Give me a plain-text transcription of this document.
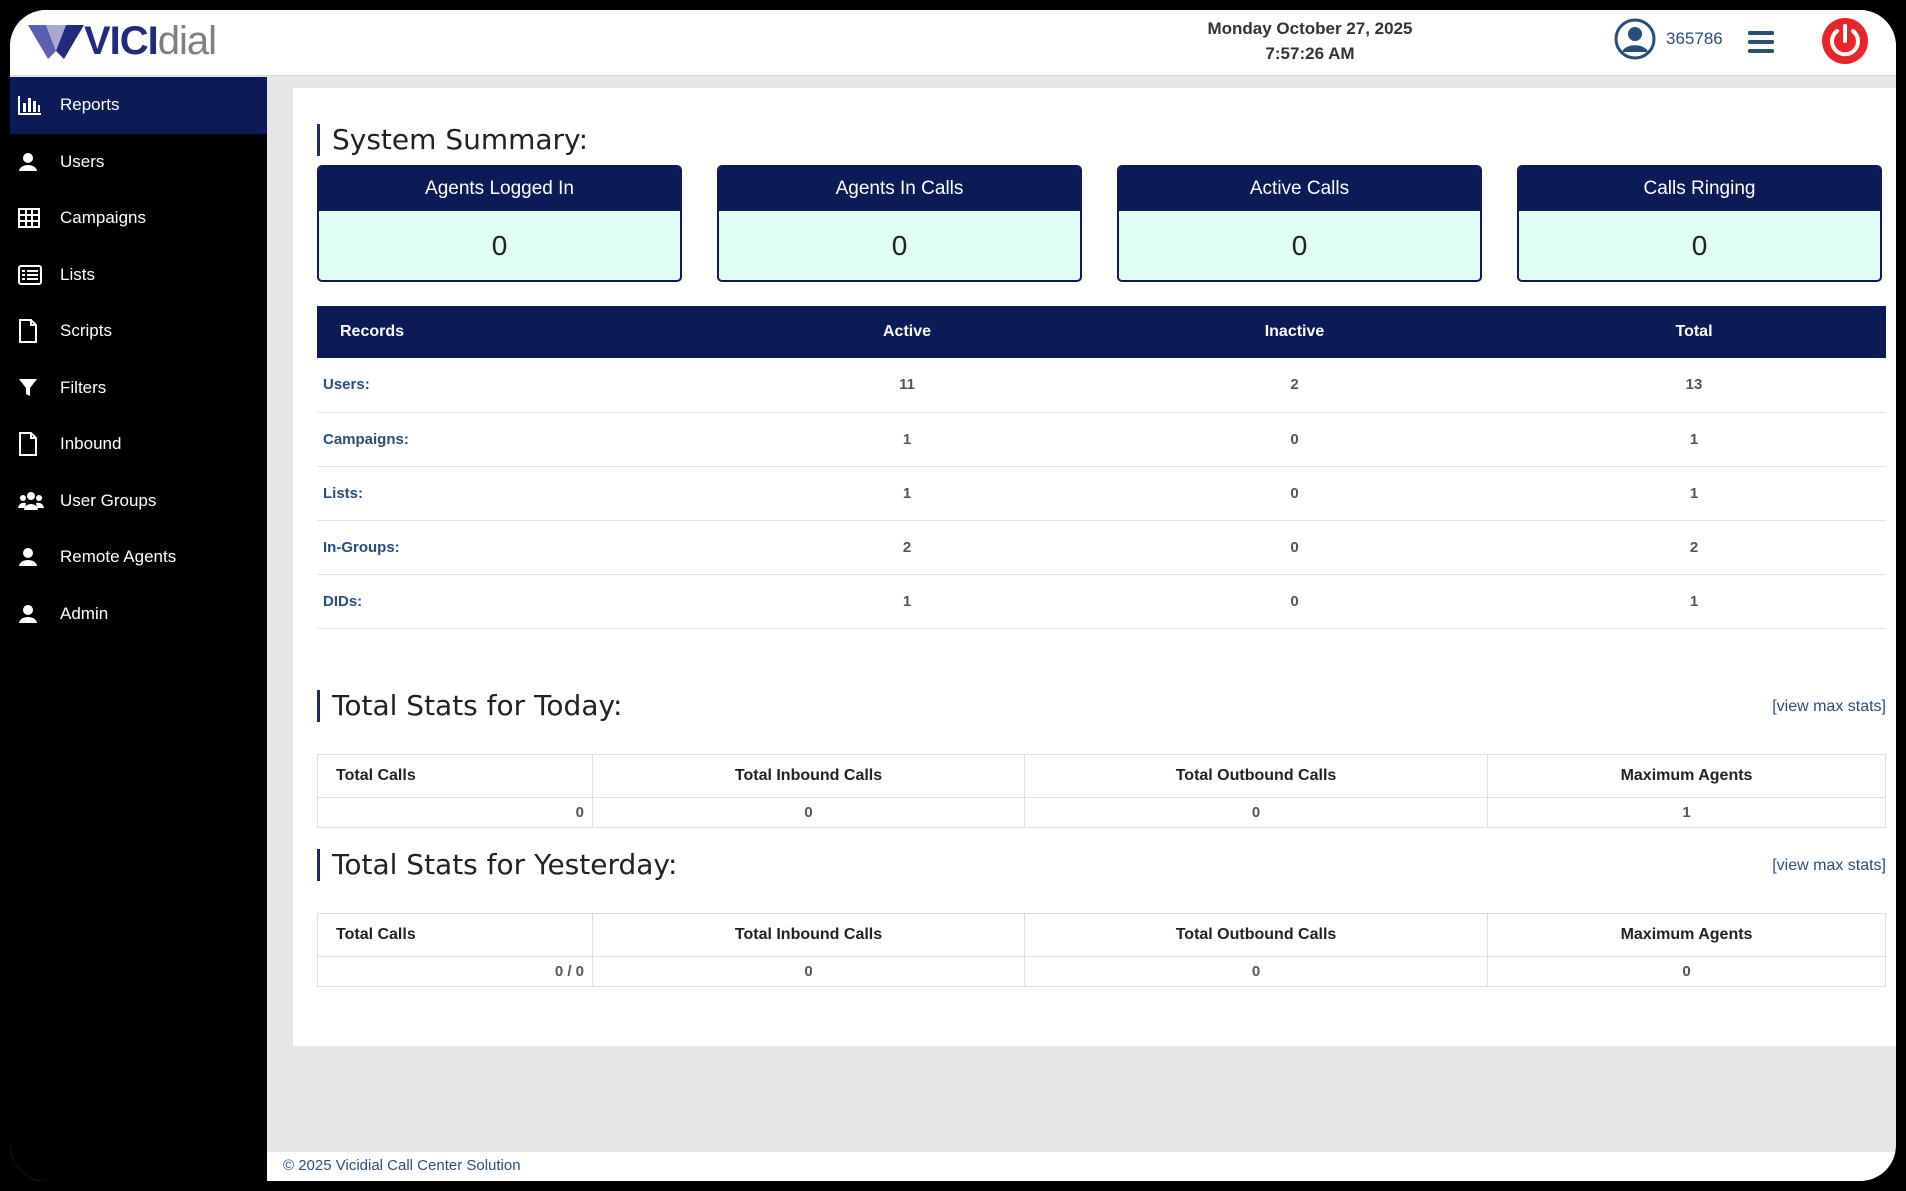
VICI dial	Monday October 27, 2025
7:57:26 AM
365786
Reports
Users
Campaigns
Lists
Scripts
Filters
Inbound
User Groups
Remote Agents
Admin
System Summary:
Agents Logged In
0
Agents In Calls
0
Active Calls
0
Calls Ringing
0
Records	Active	Inactive	Total
Users:	11	2	13
Campaigns:	1	0	1
Lists:	1	0	1
In-Groups:	2	0	2
DIDs:	1	0	1
Total Stats for Today:	[view max stats]
Total Calls	Total Inbound Calls	Total Outbound Calls	Maximum Agents
0	0	0	1
Total Stats for Yesterday:	[view max stats]
Total Calls	Total Inbound Calls	Total Outbound Calls	Maximum Agents
0 / 0	0	0	0
© 2025 Vicidial Call Center Solution
